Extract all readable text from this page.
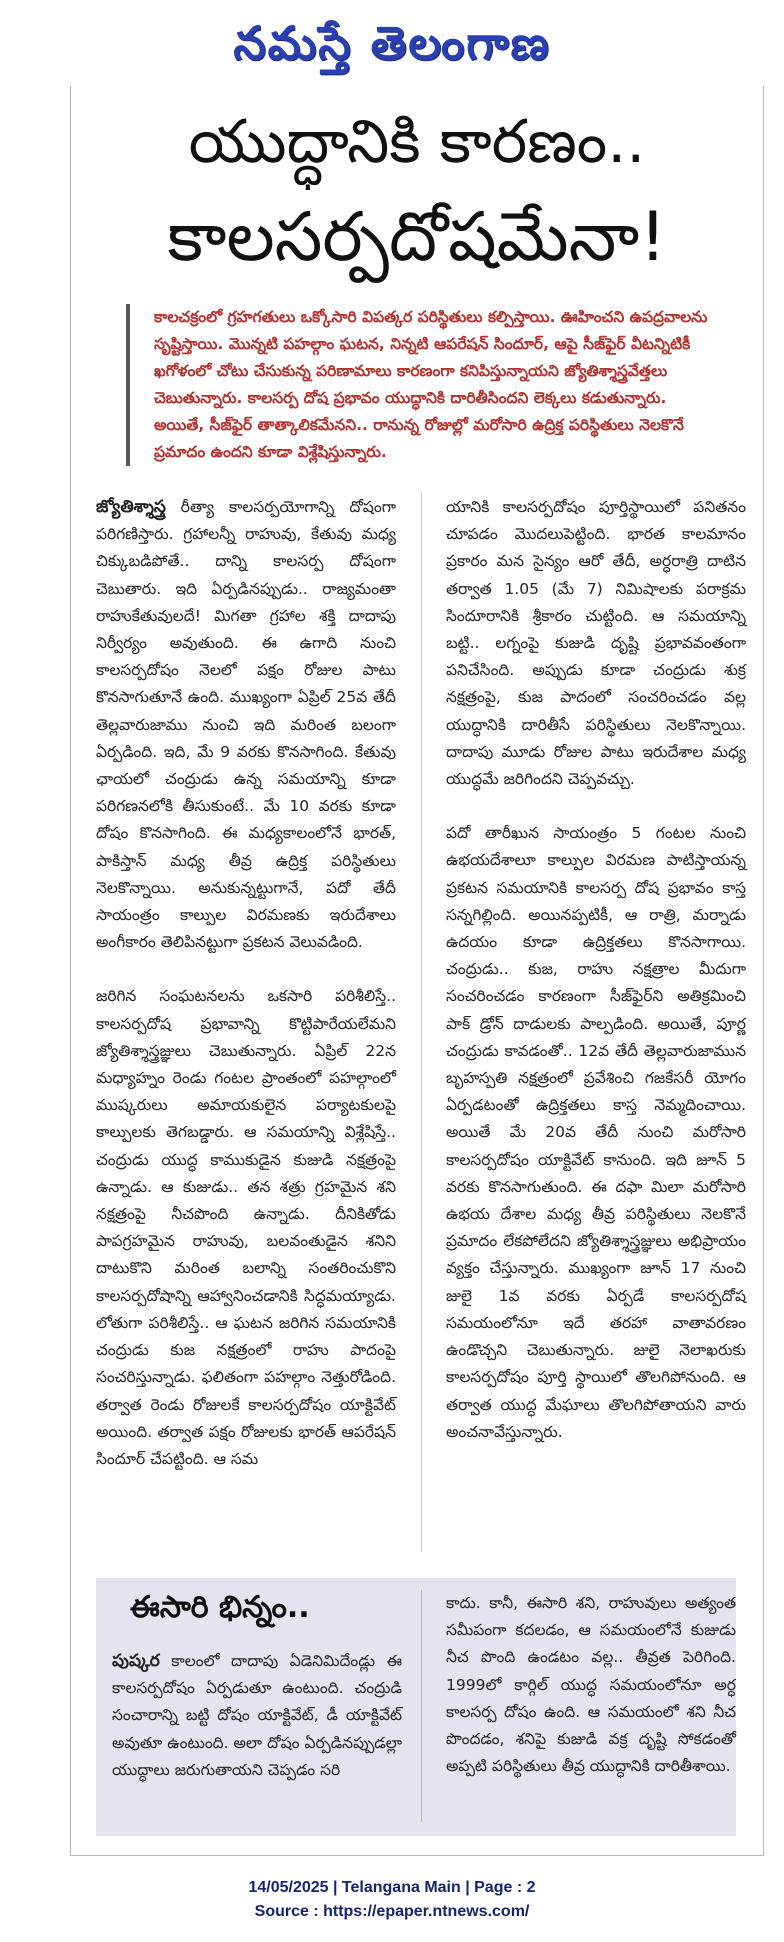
నమస్తే తెలంగాణ
యుద్ధానికి కారణం..
కాలసర్పదోషమేనా!
కాలచక్రంలో గ్రహగతులు ఒక్కోసారి విపత్కర పరిస్థితులు కల్పిస్తాయి. ఊహించని ఉపద్రవాలను సృష్టిస్తాయి. మొన్నటి పహల్గాం ఘటన, నిన్నటి ఆపరేషన్ సిందూర్, ఆపై సీజ్‌ఫైర్ వీటన్నిటికీ ఖగోళంలో చోటు చేసుకున్న పరిణామాలు కారణంగా కనిపిస్తున్నాయని జ్యోతిశ్శాస్త్రవేత్తలు చెబుతున్నారు. కాలసర్ప దోష ప్రభావం యుద్ధానికి దారితీసిందని లెక్కలు కడుతున్నారు. అయితే, సీజ్‌ఫైర్ తాత్కాలికమేనని.. రానున్న రోజుల్లో మరోసారి ఉద్రిక్త పరిస్థితులు నెలకొనే ప్రమాదం ఉందని కూడా విశ్లేషిస్తున్నారు.

జ్యోతిశ్శాస్త్ర రీత్యా కాలసర్పయోగాన్ని దోషంగా పరిగణిస్తారు. గ్రహాలన్నీ రాహువు, కేతువు మధ్య చిక్కుబడిపోతే.. దాన్ని కాలసర్ప దోషంగా చెబుతారు. ఇది ఏర్పడినప్పుడు.. రాజ్యమంతా రాహుకేతువులదే! మిగతా గ్రహాల శక్తి దాదాపు నిర్వీర్యం అవుతుంది. ఈ ఉగాది నుంచి కాలసర్పదోషం నెలలో పక్షం రోజుల పాటు కొనసాగుతూనే ఉంది. ముఖ్యంగా ఏప్రిల్ 25వ తేదీ తెల్లవారుజాము నుంచి ఇది మరింత బలంగా ఏర్పడింది. ఇది, మే 9 వరకు కొనసాగింది. కేతువు ఛాయలో చంద్రుడు ఉన్న సమయాన్ని కూడా పరిగణనలోకి తీసుకుంటే.. మే 10 వరకు కూడా దోషం కొనసాగింది. ఈ మధ్యకాలంలోనే భారత్, పాకిస్తాన్ మధ్య తీవ్ర ఉద్రిక్త పరిస్థితులు నెలకొన్నాయి. అనుకున్నట్టుగానే, పదో తేదీ సాయంత్రం కాల్పుల విరమణకు ఇరుదేశాలు అంగీకారం తెలిపినట్టుగా ప్రకటన వెలువడింది.

జరిగిన సంఘటనలను ఒకసారి పరిశీలిస్తే.. కాలసర్పదోష ప్రభావాన్ని కొట్టిపారేయలేమని జ్యోతిశ్శాస్త్రజ్ఞులు చెబుతున్నారు. ఏప్రిల్ 22న మధ్యాహ్నం రెండు గంటల ప్రాంతంలో పహల్గాంలో ముష్కరులు అమాయకులైన పర్యాటకులపై కాల్పులకు తెగబడ్డారు. ఆ సమయాన్ని విశ్లేషిస్తే.. చంద్రుడు యుద్ధ కాముకుడైన కుజుడి నక్షత్రంపై ఉన్నాడు. ఆ కుజుడు.. తన శత్రు గ్రహమైన శని నక్షత్రంపై నీచపొంది ఉన్నాడు. దీనికితోడు పాపగ్రహమైన రాహువు, బలవంతుడైన శనిని దాటుకొని మరింత బలాన్ని సంతరించుకొని కాలసర్పదోషాన్ని ఆహ్వానించడానికి సిద్ధమయ్యాడు. లోతుగా పరిశీలిస్తే.. ఆ ఘటన జరిగిన సమయానికి చంద్రుడు కుజ నక్షత్రంలో రాహు పాదంపై సంచరిస్తున్నాడు. ఫలితంగా పహల్గాం నెత్తురోడింది. తర్వాత రెండు రోజులకే కాలసర్పదోషం యాక్టివేట్ అయింది. తర్వాత పక్షం రోజులకు భారత్ ఆపరేషన్ సిందూర్ చేపట్టింది. ఆ సమ

యానికి కాలసర్పదోషం పూర్తిస్థాయిలో పనితనం చూపడం మొదలుపెట్టింది. భారత కాలమానం ప్రకారం మన సైన్యం ఆరో తేదీ, అర్ధరాత్రి దాటిన తర్వాత 1.05 (మే 7) నిమిషాలకు పరాక్రమ సిందూరానికి శ్రీకారం చుట్టింది. ఆ సమయాన్ని బట్టి.. లగ్నంపై కుజుడి దృష్టి ప్రభావవంతంగా పనిచేసింది. అప్పుడు కూడా చంద్రుడు శుక్ర నక్షత్రంపై, కుజ పాదంలో సంచరించడం వల్ల యుద్ధానికి దారితీసే పరిస్థితులు నెలకొన్నాయి. దాదాపు మూడు రోజుల పాటు ఇరుదేశాల మధ్య యుద్ధమే జరిగిందని చెప్పవచ్చు.

పదో తారీఖున సాయంత్రం 5 గంటల నుంచి ఉభయదేశాలూ కాల్పుల విరమణ పాటిస్తాయన్న ప్రకటన సమయానికి కాలసర్ప దోష ప్రభావం కాస్త సన్నగిల్లింది. అయినప్పటికీ, ఆ రాత్రి, మర్నాడు ఉదయం కూడా ఉద్రిక్తతలు కొనసాగాయి. చంద్రుడు.. కుజ, రాహు నక్షత్రాల మీదుగా సంచరించడం కారణంగా సీజ్‌ఫైర్‌ని అతిక్రమించి పాక్ డ్రోన్ దాడులకు పాల్పడింది. అయితే, పూర్ణ చంద్రుడు కావడంతో.. 12వ తేదీ తెల్లవారుజామున బృహస్పతి నక్షత్రంలో ప్రవేశించి గజకేసరీ యోగం ఏర్పడటంతో ఉద్రిక్తతలు కాస్త నెమ్మదించాయి. అయితే మే 20వ తేదీ నుంచి మరోసారి కాలసర్పదోషం యాక్టివేట్ కానుంది. ఇది జూన్ 5 వరకు కొనసాగుతుంది. ఈ దఫా మిలా మరోసారి ఉభయ దేశాల మధ్య తీవ్ర పరిస్థితులు నెలకొనే ప్రమాదం లేకపోలేదని జ్యోతిశ్శాస్త్రజ్ఞులు అభిప్రాయం వ్యక్తం చేస్తున్నారు. ముఖ్యంగా జూన్ 17 నుంచి జులై 1వ వరకు ఏర్పడే కాలసర్పదోష సమయంలోనూ ఇదే తరహా వాతావరణం ఉండొచ్చని చెబుతున్నారు. జులై నెలాఖరుకు కాలసర్పదోషం పూర్తి స్థాయిలో తొలగిపోనుంది. ఆ తర్వాత యుద్ధ మేఘాలు తొలగిపోతాయని వారు అంచనావేస్తున్నారు.

ఈసారి భిన్నం..
పుష్కర కాలంలో దాదాపు ఏడెనిమిదేండ్లు ఈ కాలసర్పదోషం ఏర్పడుతూ ఉంటుంది. చంద్రుడి సంచారాన్ని బట్టి దోషం యాక్టివేట్, డీ యాక్టివేట్ అవుతూ ఉంటుంది. అలా దోషం ఏర్పడినప్పుడల్లా యుద్ధాలు జరుగుతాయని చెప్పడం సరి
కాదు. కానీ, ఈసారి శని, రాహువులు అత్యంత సమీపంగా కదలడం, ఆ సమయంలోనే కుజుడు నీచ పొంది ఉండటం వల్ల.. తీవ్రత పెరిగింది. 1999లో కార్గిల్ యుద్ధ సమయంలోనూ అర్ధ కాలసర్ప దోషం ఉంది. ఆ సమయంలో శని నీచ పొందడం, శనిపై కుజుడి వక్ర దృష్టి సోకడంతో అప్పటి పరిస్థితులు తీవ్ర యుద్ధానికి దారితీశాయి.
14/05/2025 | Telangana Main | Page : 2
Source : https://epaper.ntnews.com/
